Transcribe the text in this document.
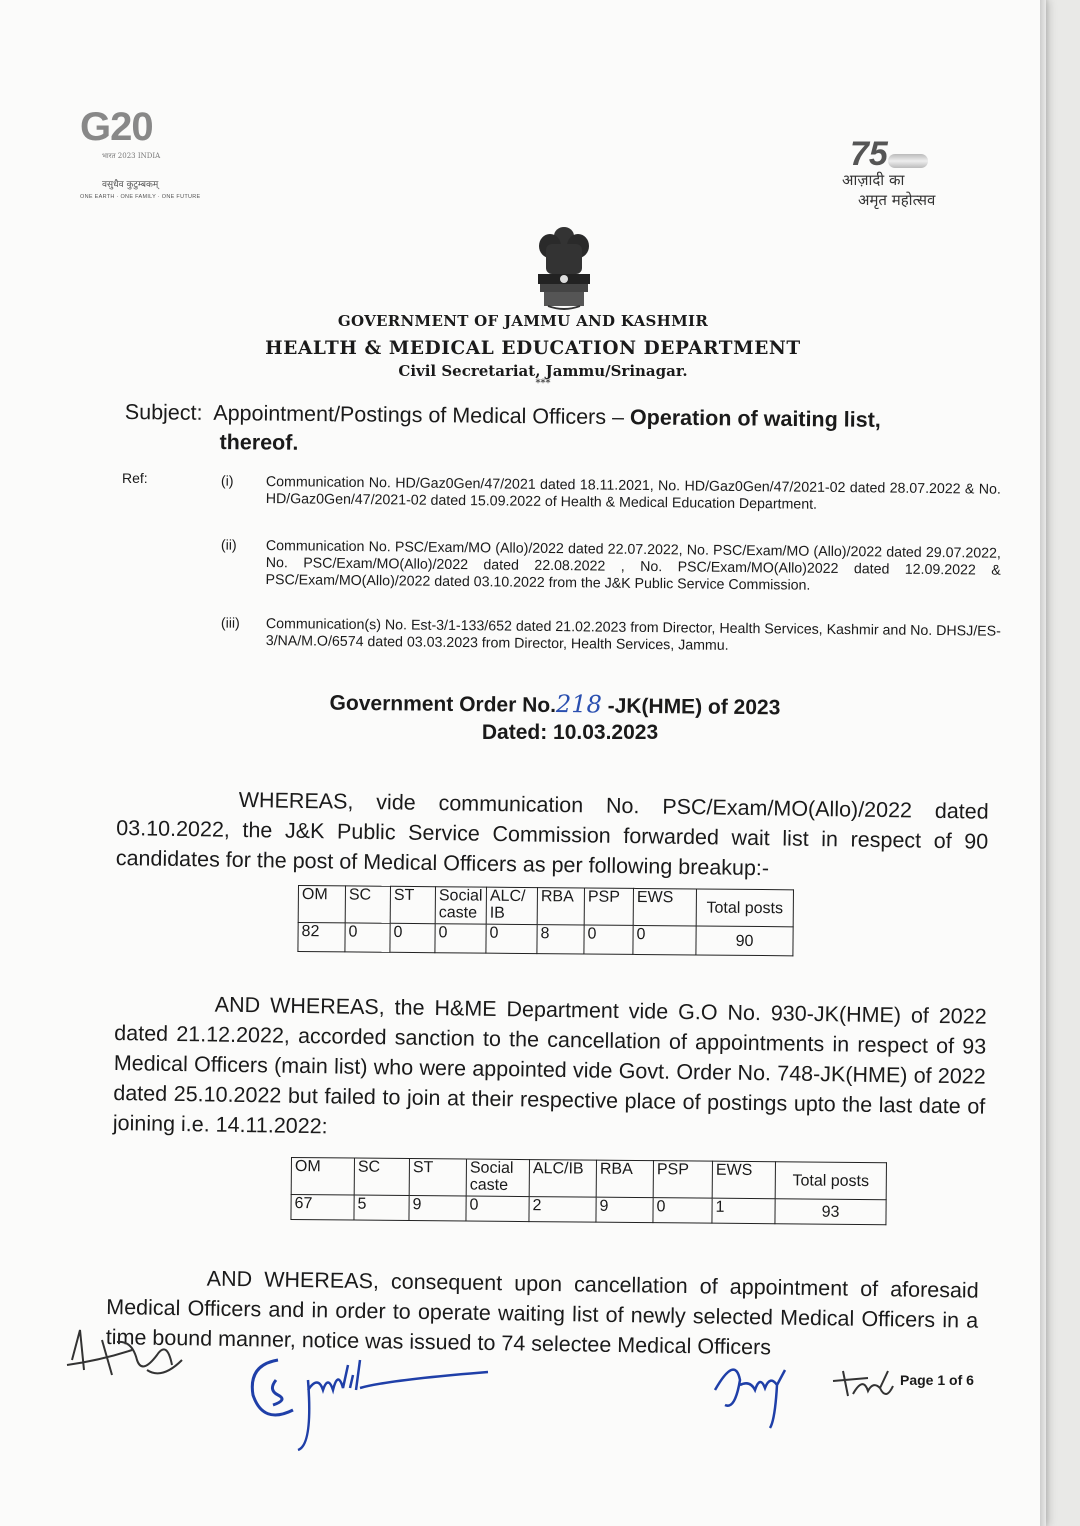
G20
भारत 2023 INDIA
वसुधैव कुटुम्बकम्
ONE EARTH · ONE FAMILY · ONE FUTURE
75
आज़ादी का
अमृत महोत्सव
GOVERNMENT OF JAMMU AND KASHMIR
HEALTH & MEDICAL EDUCATION DEPARTMENT
Civil Secretariat, Jammu/Srinagar.
***
Subject: Appointment/Postings of Medical Officers – Operation of waiting list,
thereof.
Ref:	(i) Communication No. HD/Gaz0Gen/47/2021 dated 18.11.2021, No. HD/Gaz0Gen/47/2021-02 dated 28.07.2022 & No. HD/Gaz0Gen/47/2021-02 dated 15.09.2022 of Health & Medical Education Department.
(ii) Communication No. PSC/Exam/MO (Allo)/2022 dated 22.07.2022, No. PSC/Exam/MO (Allo)/2022 dated 29.07.2022, No. PSC/Exam/MO(Allo)/2022 dated 22.08.2022 , No. PSC/Exam/MO(Allo)2022 dated 12.09.2022 & PSC/Exam/MO(Allo)/2022 dated 03.10.2022 from the J&K Public Service Commission.
(iii) Communication(s) No. Est-3/1-133/652 dated 21.02.2023 from Director, Health Services, Kashmir and No. DHSJ/ES-3/NA/M.O/6574 dated 03.03.2023 from Director, Health Services, Jammu.
Government Order No.218 -JK(HME) of 2023
Dated: 10.03.2023
WHEREAS, vide communication No. PSC/Exam/MO(Allo)/2022 dated 03.10.2022, the J&K Public Service Commission forwarded wait list in respect of 90 candidates for the post of Medical Officers as per following breakup:-
OM	SC	ST	Social caste	ALC/ IB	RBA	PSP	EWS	Total posts
82	0	0	0	0	8	0	0	90
AND WHEREAS, the H&ME Department vide G.O No. 930-JK(HME) of 2022 dated 21.12.2022, accorded sanction to the cancellation of appointments in respect of 93 Medical Officers (main list) who were appointed vide Govt. Order No. 748-JK(HME) of 2022 dated 25.10.2022 but failed to join at their respective place of postings upto the last date of joining i.e. 14.11.2022:
OM	SC	ST	Social caste	ALC/IB	RBA	PSP	EWS	Total posts
67	5	9	0	2	9	0	1	93
AND WHEREAS, consequent upon cancellation of appointment of aforesaid Medical Officers and in order to operate waiting list of newly selected Medical Officers in a time bound manner, notice was issued to 74 selectee Medical Officers
Page 1 of 6
